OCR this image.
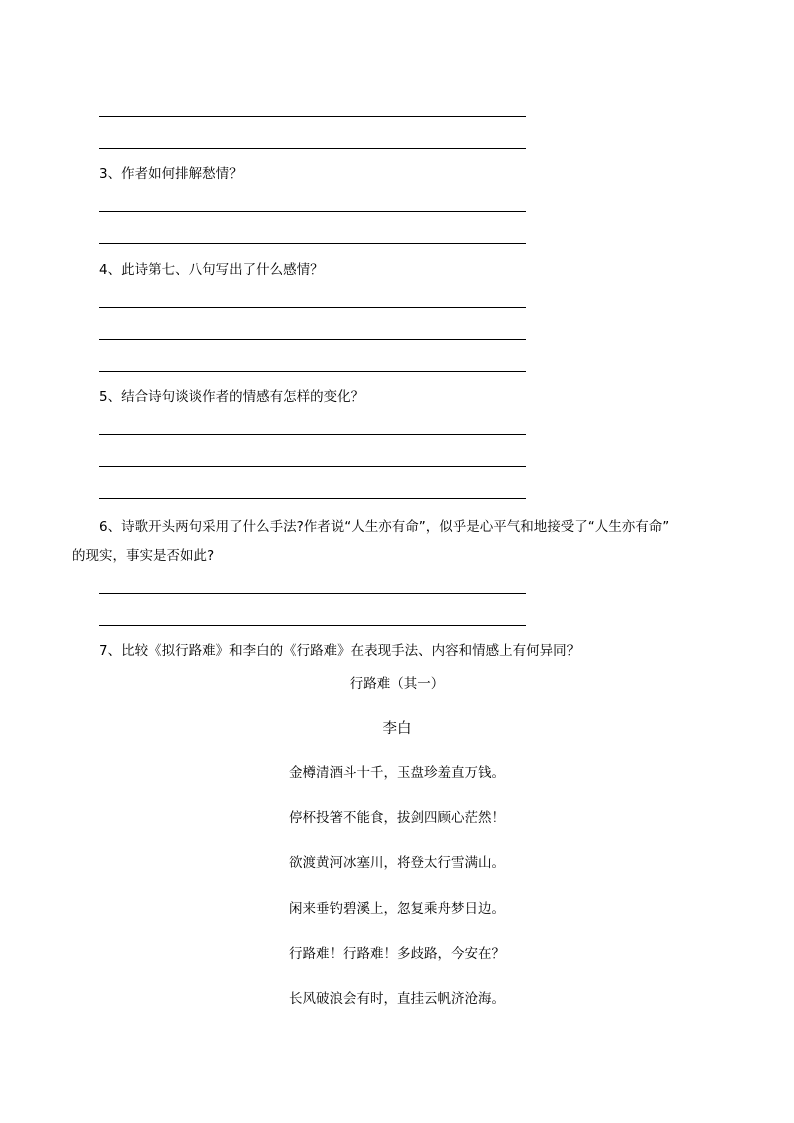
3、作者如何排解愁情？
4、此诗第七、八句写出了什么感情？
5、结合诗句谈谈作者的情感有怎样的变化？
6、诗歌开头两句采用了什么手法?作者说“人生亦有命”，似乎是心平气和地接受了“人生亦有命”
的现实，事实是否如此?
7、比较《拟行路难》和李白的《行路难》在表现手法、内容和情感上有何异同？
行路难（其一）
李白
金樽清酒斗十千，玉盘珍羞直万钱。
停杯投箸不能食，拔剑四顾心茫然！
欲渡黄河冰塞川，将登太行雪满山。
闲来垂钓碧溪上，忽复乘舟梦日边。
行路难！行路难！多歧路，今安在？
长风破浪会有时，直挂云帆济沧海。
